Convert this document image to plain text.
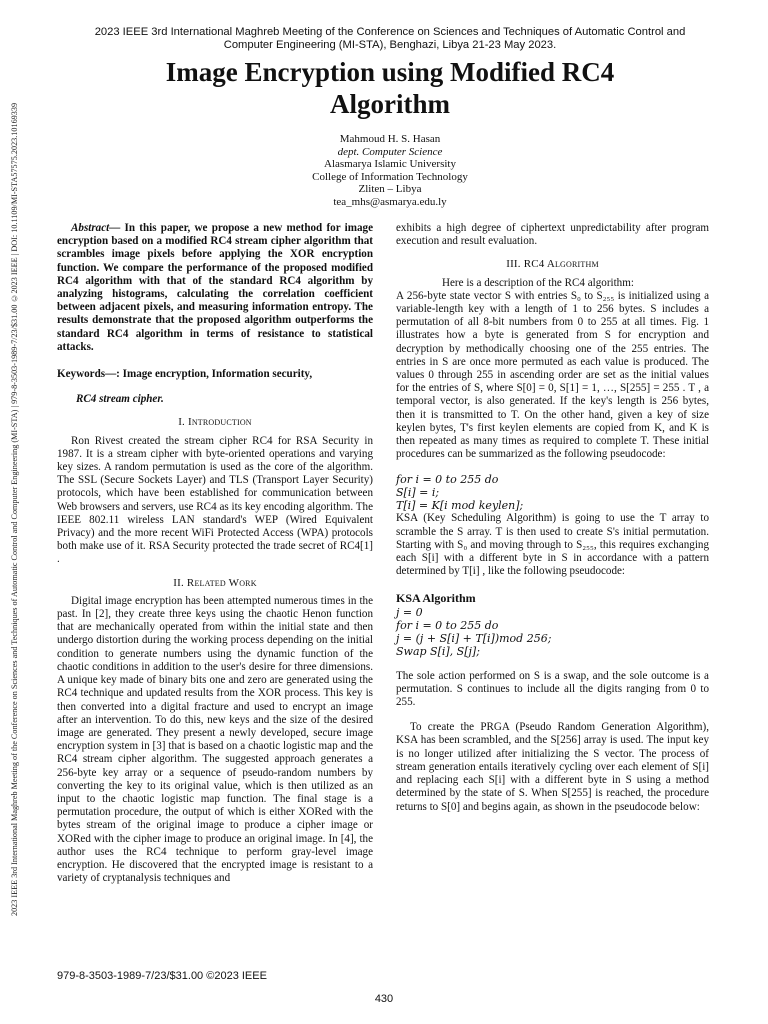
2023 IEEE 3rd International Maghreb Meeting of the Conference on Sciences and Techniques of Automatic Control and Computer Engineering (MI-STA) | 979-8-3503-1989-7/23/$31.00 ©2023 IEEE | DOI: 10.1109/MI-STA57575.2023.10169339
2023 IEEE 3rd International Maghreb Meeting of the Conference on Sciences and Techniques of Automatic Control and
Computer Engineering (MI-STA), Benghazi, Libya 21-23 May 2023.
Image Encryption using Modified RC4
Algorithm
Mahmoud H. S. Hasan
dept. Computer Science
Alasmarya Islamic University
College of Information Technology
Zliten – Libya
tea_mhs@asmarya.edu.ly

Abstract— In this paper, we propose a new method for image encryption based on a modified RC4 stream cipher algorithm that scrambles image pixels before applying the XOR encryption function. We compare the performance of the proposed modified RC4 algorithm with that of the standard RC4 algorithm by analyzing histograms, calculating the correlation coefficient between adjacent pixels, and measuring information entropy. The results demonstrate that the proposed algorithm outperforms the standard RC4 algorithm in terms of resistance to statistical attacks.

Keywords—: Image encryption, Information security,

RC4 stream cipher.

I. Introduction

Ron Rivest created the stream cipher RC4 for RSA Security in 1987. It is a stream cipher with byte-oriented operations and varying key sizes. A random permutation is used as the core of the algorithm. The SSL (Secure Sockets Layer) and TLS (Transport Layer Security) protocols, which have been established for communication between Web browsers and servers, use RC4 as its key encoding algorithm. The IEEE 802.11 wireless LAN standard's WEP (Wired Equivalent Privacy) and the more recent WiFi Protected Access (WPA) protocols both make use of it. RSA Security protected the trade secret of RC4[1] .

II. Related Work

Digital image encryption has been attempted numerous times in the past. In [2], they create three keys using the chaotic Henon function that are mechanically operated from within the initial state and then undergo distortion during the working process depending on the initial condition to generate numbers using the dynamic function of the chaotic conditions in addition to the user's desire for three dimensions. A unique key made of binary bits one and zero are generated using the RC4 technique and updated results from the XOR process. This key is then converted into a digital fracture and used to encrypt an image after an intervention. To do this, new keys and the size of the desired image are generated. They present a newly developed, secure image encryption system in [3] that is based on a chaotic logistic map and the RC4 stream cipher algorithm. The suggested approach generates a 256-byte key array or a sequence of pseudo-random numbers by converting the key to its original value, which is then utilized as an input to the chaotic logistic map function. The final stage is a permutation procedure, the output of which is either XORed with the bytes stream of the original image to produce a cipher image or XORed with the cipher image to produce an original image. In [4], the author uses the RC4 technique to perform gray-level image encryption. He discovered that the encrypted image is resistant to a variety of cryptanalysis techniques and

exhibits a high degree of ciphertext unpredictability after program execution and result evaluation.

III. RC4 Algorithm

Here is a description of the RC4 algorithm:

A 256-byte state vector S with entries S₀ to S₂₅₅ is initialized using a variable-length key with a length of 1 to 256 bytes. S includes a permutation of all 8-bit numbers from 0 to 255 at all times. Fig. 1 illustrates how a byte is generated from S for encryption and decryption by methodically choosing one of the 255 entries. The entries in S are once more permuted as each value is produced. The values 0 through 255 in ascending order are set as the initial values for the entries of S, where S[0] = 0, S[1] = 1, …, S[255] = 255 . T , a temporal vector, is also generated. If the key's length is 256 bytes, then it is transmitted to T. On the other hand, given a key of size keylen bytes, T's first keylen elements are copied from K, and K is then repeated as many times as required to complete T. These initial procedures can be summarized as the following pseudocode:

for i = 0 to 255 do
S[i] = i;
T[i] = K[i mod keylen];

KSA (Key Scheduling Algorithm) is going to use the T array to scramble the S array. T is then used to create S's initial permutation. Starting with S₀ and moving through to S₂₅₅, this requires exchanging each S[i] with a different byte in S in accordance with a pattern determined by T[i] , like the following pseudocode:

KSA Algorithm
j = 0
for i = 0 to 255 do
j = (j + S[i] + T[i])mod 256;
Swap S[i], S[j];

The sole action performed on S is a swap, and the sole outcome is a permutation. S continues to include all the digits ranging from 0 to 255.

To create the PRGA (Pseudo Random Generation Algorithm), KSA has been scrambled, and the S[256] array is used. The input key is no longer utilized after initializing the S vector. The process of stream generation entails iteratively cycling over each element of S[i] and replacing each S[i] with a different byte in S using a method determined by the state of S. When S[255] is reached, the procedure returns to S[0] and begins again, as shown in the pseudocode below:

979-8-3503-1989-7/23/$31.00 ©2023 IEEE
430
